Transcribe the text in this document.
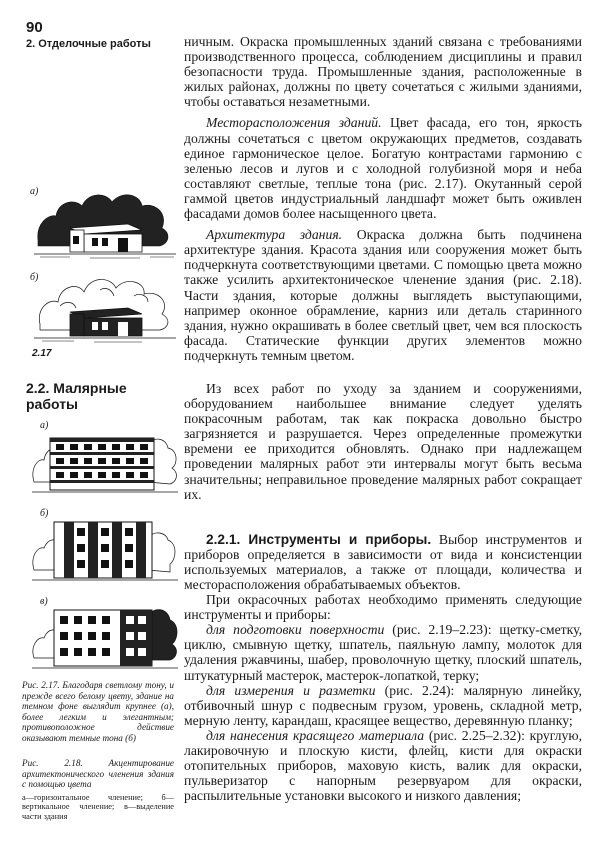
90
2. Отделочные работы
а)
б)
2.17
2.2. Малярные работы
а)
б)
в)
Рис. 2.17. Благодаря светлому тону, и прежде всего белому цвету, здание на темном фоне выглядит крупнее (а), более легким и элегантным; противоположное действие оказывают темные тона (б)
Рис. 2.18. Акцентирование архитектонического членения здания с помощью цвета
а—горизонтальное членение; б—вертикальное членение; в—выделение части здания

ничным. Окраска промышленных зданий связана с требованиями производственного процесса, соблюдением дисциплины и правил безопасности труда. Промышленные здания, расположенные в жилых районах, должны по цвету сочетаться с жилыми зданиями, чтобы оставаться незаметными.

Месторасположения зданий. Цвет фасада, его тон, яркость должны сочетаться с цветом окружающих предметов, создавать единое гармоническое целое. Богатую контрастами гармонию с зеленью лесов и лугов и с холодной голубизной моря и неба составляют светлые, теплые тона (рис. 2.17). Окутанный серой гаммой цветов индустриальный ландшафт может быть оживлен фасадами домов более насыщенного цвета.

Архитектура здания. Окраска должна быть подчинена архитектуре здания. Красота здания или сооружения может быть подчеркнута соответствующими цветами. С помощью цвета можно также усилить архитектоническое членение здания (рис. 2.18). Части здания, которые должны выглядеть выступающими, например оконное обрамление, карниз или деталь старинного здания, нужно окрашивать в более светлый цвет, чем вся плоскость фасада. Статические функции других элементов можно подчеркнуть темным цветом.

Из всех работ по уходу за зданием и сооружениями, оборудованием наибольшее внимание следует уделять покрасочным работам, так как покраска довольно быстро загрязняется и разрушается. Через определенные промежутки времени ее приходится обновлять. Однако при надлежащем проведении малярных работ эти интервалы могут быть весьма значительны; неправильное проведение малярных работ сокращает их.

2.2.1. Инструменты и приборы. Выбор инструментов и приборов определяется в зависимости от вида и консистенции используемых материалов, а также от площади, количества и месторасположения обрабатываемых объектов.

При окрасочных работах необходимо применять следующие инструменты и приборы:

для подготовки поверхности (рис. 2.19–2.23): щетку-сметку, циклю, смывную щетку, шпатель, паяльную лампу, молоток для удаления ржавчины, шабер, проволочную щетку, плоский шпатель, штукатурный мастерок, мастерок-лопаткой, терку;

для измерения и разметки (рис. 2.24): малярную линейку, отбивочный шнур с подвесным грузом, уровень, складной метр, мерную ленту, карандаш, красящее вещество, деревянную планку;

для нанесения красящего материала (рис. 2.25–2.32): круглую, лакировочную и плоскую кисти, флейц, кисти для окраски отопительных приборов, маховую кисть, валик для окраски, пульверизатор с напорным резервуаром для окраски, распылительные установки высокого и низкого давления;
